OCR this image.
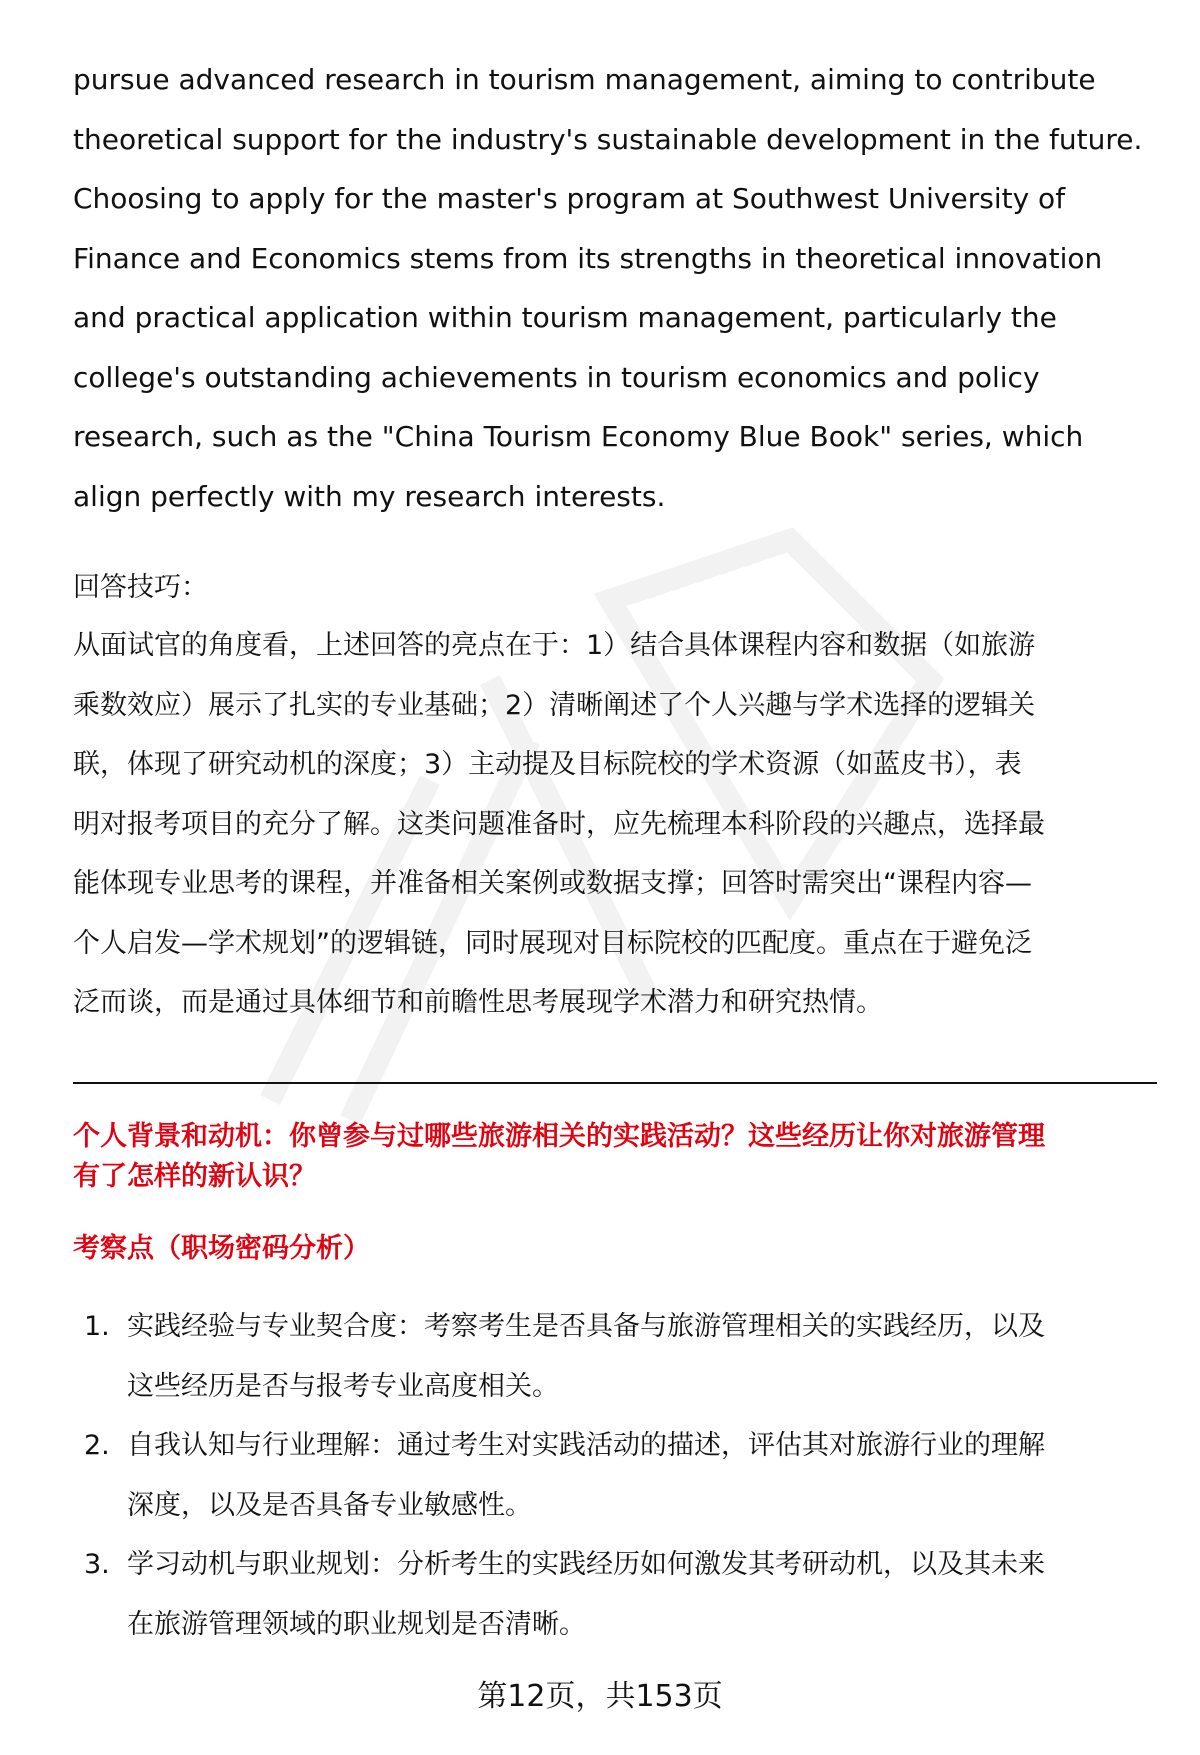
pursue advanced research in tourism management, aiming to contribute
theoretical support for the industry's sustainable development in the future.
Choosing to apply for the master's program at Southwest University of
Finance and Economics stems from its strengths in theoretical innovation
and practical application within tourism management, particularly the
college's outstanding achievements in tourism economics and policy
research, such as the "China Tourism Economy Blue Book" series, which
align perfectly with my research interests.
回答技巧：
从面试官的角度看，上述回答的亮点在于：1）结合具体课程内容和数据（如旅游
乘数效应）展示了扎实的专业基础；2）清晰阐述了个人兴趣与学术选择的逻辑关
联，体现了研究动机的深度；3）主动提及目标院校的学术资源（如蓝皮书），表
明对报考项目的充分了解。这类问题准备时，应先梳理本科阶段的兴趣点，选择最
能体现专业思考的课程，并准备相关案例或数据支撑；回答时需突出“课程内容—
个人启发—学术规划”的逻辑链，同时展现对目标院校的匹配度。重点在于避免泛
泛而谈，而是通过具体细节和前瞻性思考展现学术潜力和研究热情。
个人背景和动机：你曾参与过哪些旅游相关的实践活动？这些经历让你对旅游管理
有了怎样的新认识？
考察点（职场密码分析）
1. 实践经验与专业契合度：考察考生是否具备与旅游管理相关的实践经历，以及
这些经历是否与报考专业高度相关。
2. 自我认知与行业理解：通过考生对实践活动的描述，评估其对旅游行业的理解
深度，以及是否具备专业敏感性。
3. 学习动机与职业规划：分析考生的实践经历如何激发其考研动机，以及其未来
在旅游管理领域的职业规划是否清晰。
第12页，共153页
